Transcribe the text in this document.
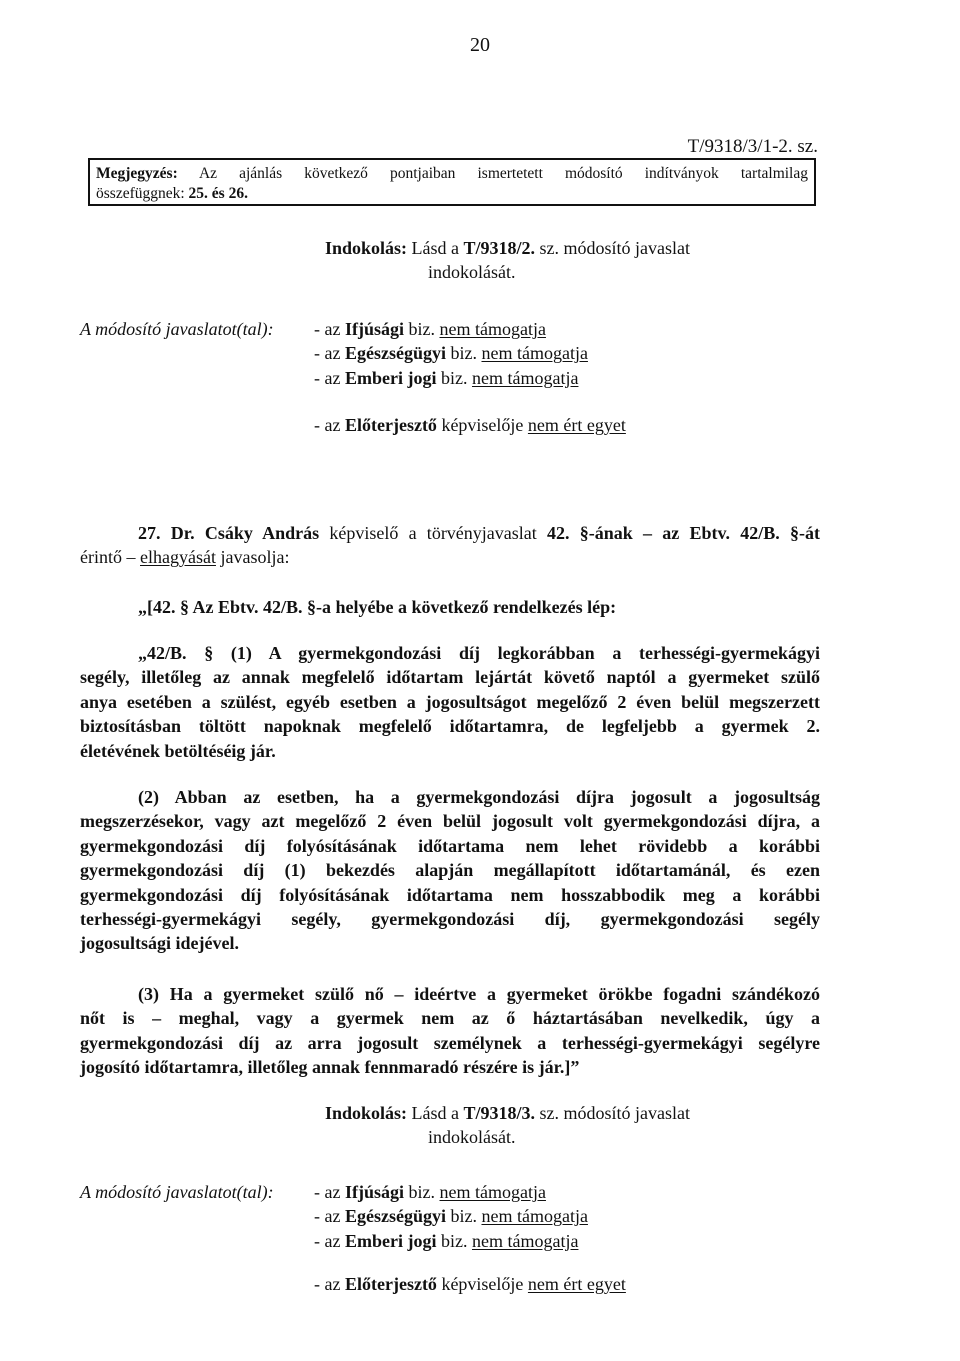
20
T/9318/3/1-2. sz.
Megjegyzés: Az ajánlás következő pontjaiban ismertetett módosító indítványok tartalmilag
összefüggnek: 25. és 26.
Indokolás: Lásd a T/9318/2. sz. módosító javaslat
indokolását.
A módosító javaslatot(tal): - az Ifjúsági biz. nem támogatja
- az Egészségügyi biz. nem támogatja
- az Emberi jogi biz. nem támogatja
- az Előterjesztő képviselője nem ért egyet
27. Dr. Csáky András képviselő a törvényjavaslat 42. §-ának – az Ebtv. 42/B. §-át
érintő – elhagyását javasolja:
„[42. § Az Ebtv. 42/B. §-a helyébe a következő rendelkezés lép:
„42/B. § (1) A gyermekgondozási díj legkorábban a terhességi-gyermekágyi
segély, illetőleg az annak megfelelő időtartam lejártát követő naptól a gyermeket szülő
anya esetében a szülést, egyéb esetben a jogosultságot megelőző 2 éven belül megszerzett
biztosításban töltött napoknak megfelelő időtartamra, de legfeljebb a gyermek 2.
életévének betöltéséig jár.
(2) Abban az esetben, ha a gyermekgondozási díjra jogosult a jogosultság
megszerzésekor, vagy azt megelőző 2 éven belül jogosult volt gyermekgondozási díjra, a
gyermekgondozási díj folyósításának időtartama nem lehet rövidebb a korábbi
gyermekgondozási díj (1) bekezdés alapján megállapított időtartamánál, és ezen
gyermekgondozási díj folyósításának időtartama nem hosszabbodik meg a korábbi
terhességi-gyermekágyi segély, gyermekgondozási díj, gyermekgondozási segély
jogosultsági idejével.
(3) Ha a gyermeket szülő nő – ideértve a gyermeket örökbe fogadni szándékozó
nőt is – meghal, vagy a gyermek nem az ő háztartásában nevelkedik, úgy a
gyermekgondozási díj az arra jogosult személynek a terhességi-gyermekágyi segélyre
jogosító időtartamra, illetőleg annak fennmaradó részére is jár.]”
Indokolás: Lásd a T/9318/3. sz. módosító javaslat
indokolását.
A módosító javaslatot(tal): - az Ifjúsági biz. nem támogatja
- az Egészségügyi biz. nem támogatja
- az Emberi jogi biz. nem támogatja
- az Előterjesztő képviselője nem ért egyet
